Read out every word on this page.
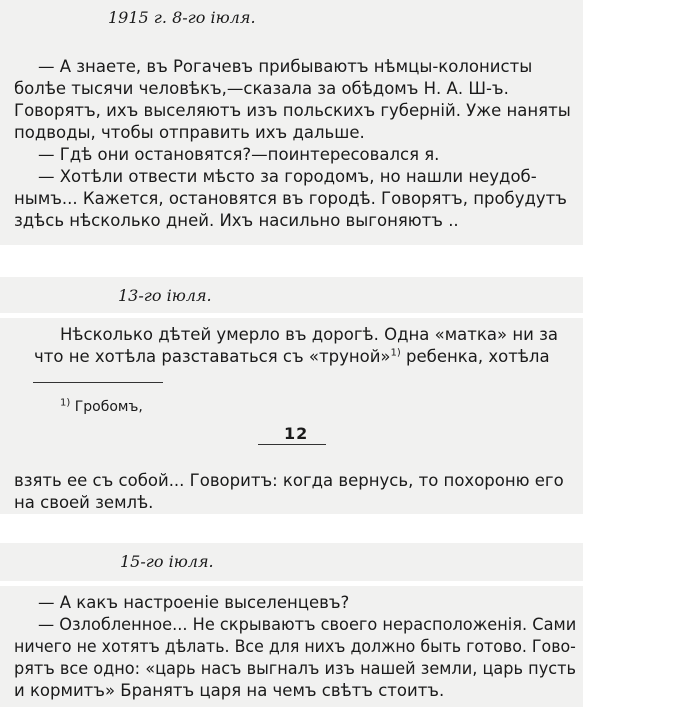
1915 г. 8-го іюля.
— А знаете, въ Рогачевъ прибываютъ нѣмцы-колонисты
болѣе тысячи человѣкъ,—сказала за обѣдомъ Н. А. Ш-ъ.
Говорятъ, ихъ выселяютъ изъ польскихъ губерній. Уже наняты
подводы, чтобы отправить ихъ дальше.
— Гдѣ они остановятся?—поинтересовался я.
— Хотѣли отвести мѣсто за городомъ, но нашли неудоб-
нымъ... Кажется, остановятся въ городѣ. Говорятъ, пробудутъ
здѣсь нѣсколько дней. Ихъ насильно выгоняютъ ..
13-го іюля.
Нѣсколько дѣтей умерло въ дорогѣ. Одна «матка» ни за
что не хотѣла разставаться съ «труной»$^{1)}$ ребенка, хотѣла
$^{1)}$ Гробомъ,
12
взять ее съ собой... Говоритъ: когда вернусь, то похороню его
на своей землѣ.
15-го іюля.
— А какъ настроеніе выселенцевъ?
— Озлобленное... Не скрываютъ своего нерасположенія. Сами
ничего не хотятъ дѣлать. Все для нихъ должно быть готово. Гово-
рятъ все одно: «царь насъ выгналъ изъ нашей земли, царь пусть
и кормитъ» Бранятъ царя на чемъ свѣтъ стоитъ.
